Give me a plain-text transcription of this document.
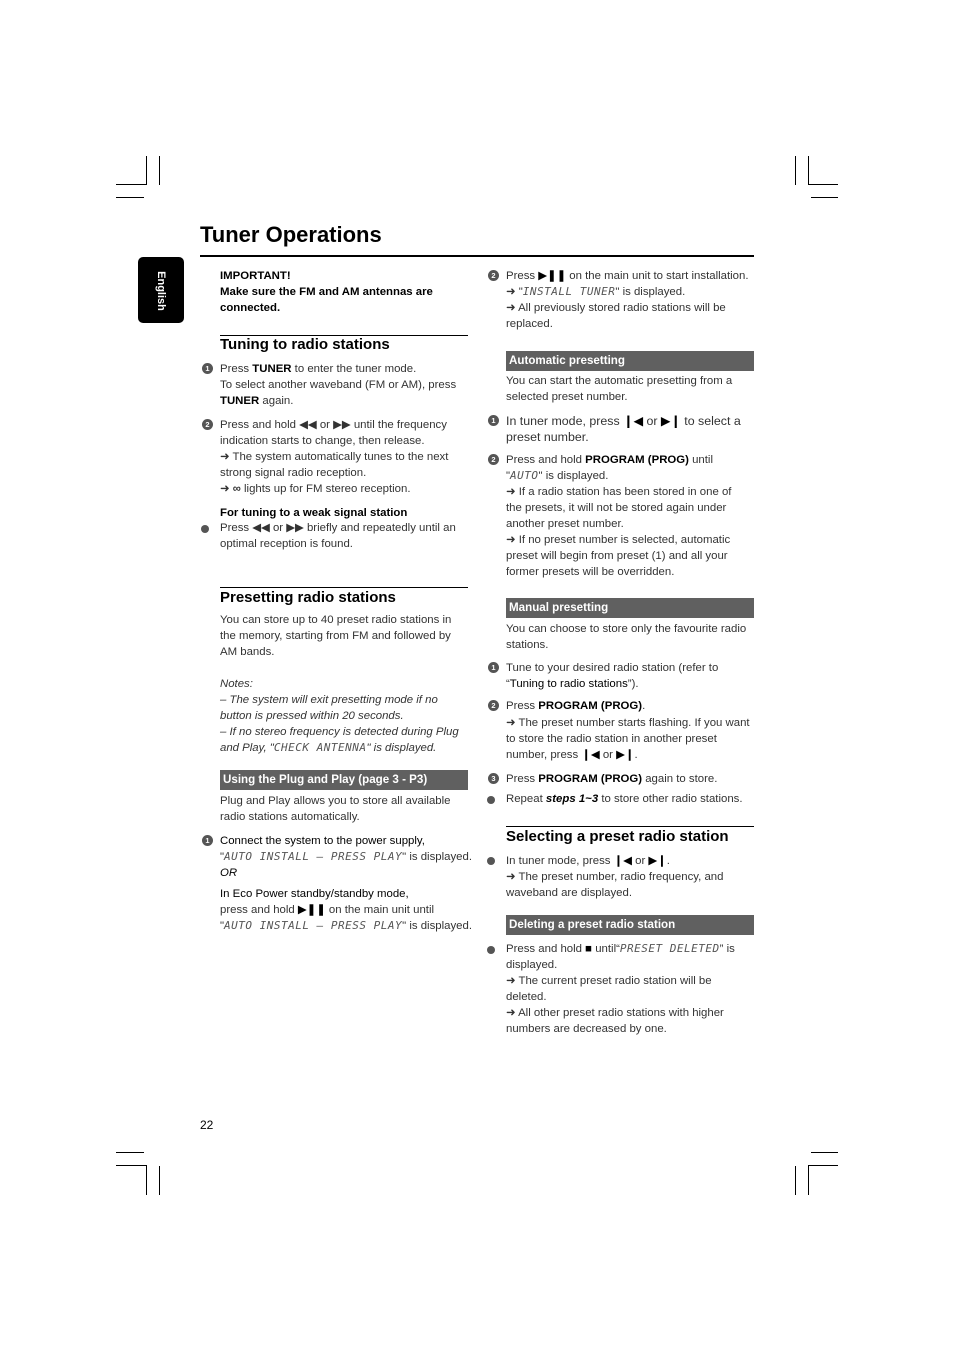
Tuner Operations
English	IMPORTANT!
Make sure the FM and AM antennas are
connected.
Tuning to radio stations
1 Press TUNER to enter the tuner mode.
To select another waveband (FM or AM), press
TUNER again.
2 Press and hold ◀◀ or ▶▶ until the frequency
indication starts to change, then release.
➜ The system automatically tunes to the next
strong signal radio reception.
➜ ∞ lights up for FM stereo reception.
For tuning to a weak signal station
Press ◀◀ or ▶▶ briefly and repeatedly until an
optimal reception is found.
Presetting radio stations
You can store up to 40 preset radio stations in
the memory, starting from FM and followed by
AM bands.
Notes:
– The system will exit presetting mode if no
button is pressed within 20 seconds.
– If no stereo frequency is detected during Plug
and Play, "CHECK ANTENNA" is displayed.
Using the Plug and Play (page 3 - P3)
Plug and Play allows you to store all available
radio stations automatically.
1 Connect the system to the power supply,
"AUTO INSTALL – PRESS PLAY" is displayed.
OR
In Eco Power standby/standby mode,
press and hold ▶❚❚ on the main unit until
"AUTO INSTALL – PRESS PLAY" is displayed.
22
2 Press ▶❚❚ on the main unit to start installation.
➜ "INSTALL TUNER" is displayed.
➜ All previously stored radio stations will be
replaced.
Automatic presetting
You can start the automatic presetting from a
selected preset number.
1 In tuner mode, press ❙◀ or ▶❙ to select a
preset number.
2 Press and hold PROGRAM (PROG) until
"AUTO" is displayed.
➜ If a radio station has been stored in one of
the presets, it will not be stored again under
another preset number.
➜ If no preset number is selected, automatic
preset will begin from preset (1) and all your
former presets will be overridden.
Manual presetting
You can choose to store only the favourite radio
stations.
1 Tune to your desired radio station (refer to
“Tuning to radio stations”).
2 Press PROGRAM (PROG).
➜ The preset number starts flashing. If you want
to store the radio station in another preset
number, press ❙◀ or ▶❙.
3 Press PROGRAM (PROG) again to store.
Repeat steps 1~3 to store other radio stations.
Selecting a preset radio station
In tuner mode, press ❙◀ or ▶❙.
➜ The preset number, radio frequency, and
waveband are displayed.
Deleting a preset radio station
Press and hold ■ until“PRESET DELETED” is
displayed.
➜ The current preset radio station will be
deleted.
➜ All other preset radio stations with higher
numbers are decreased by one.
